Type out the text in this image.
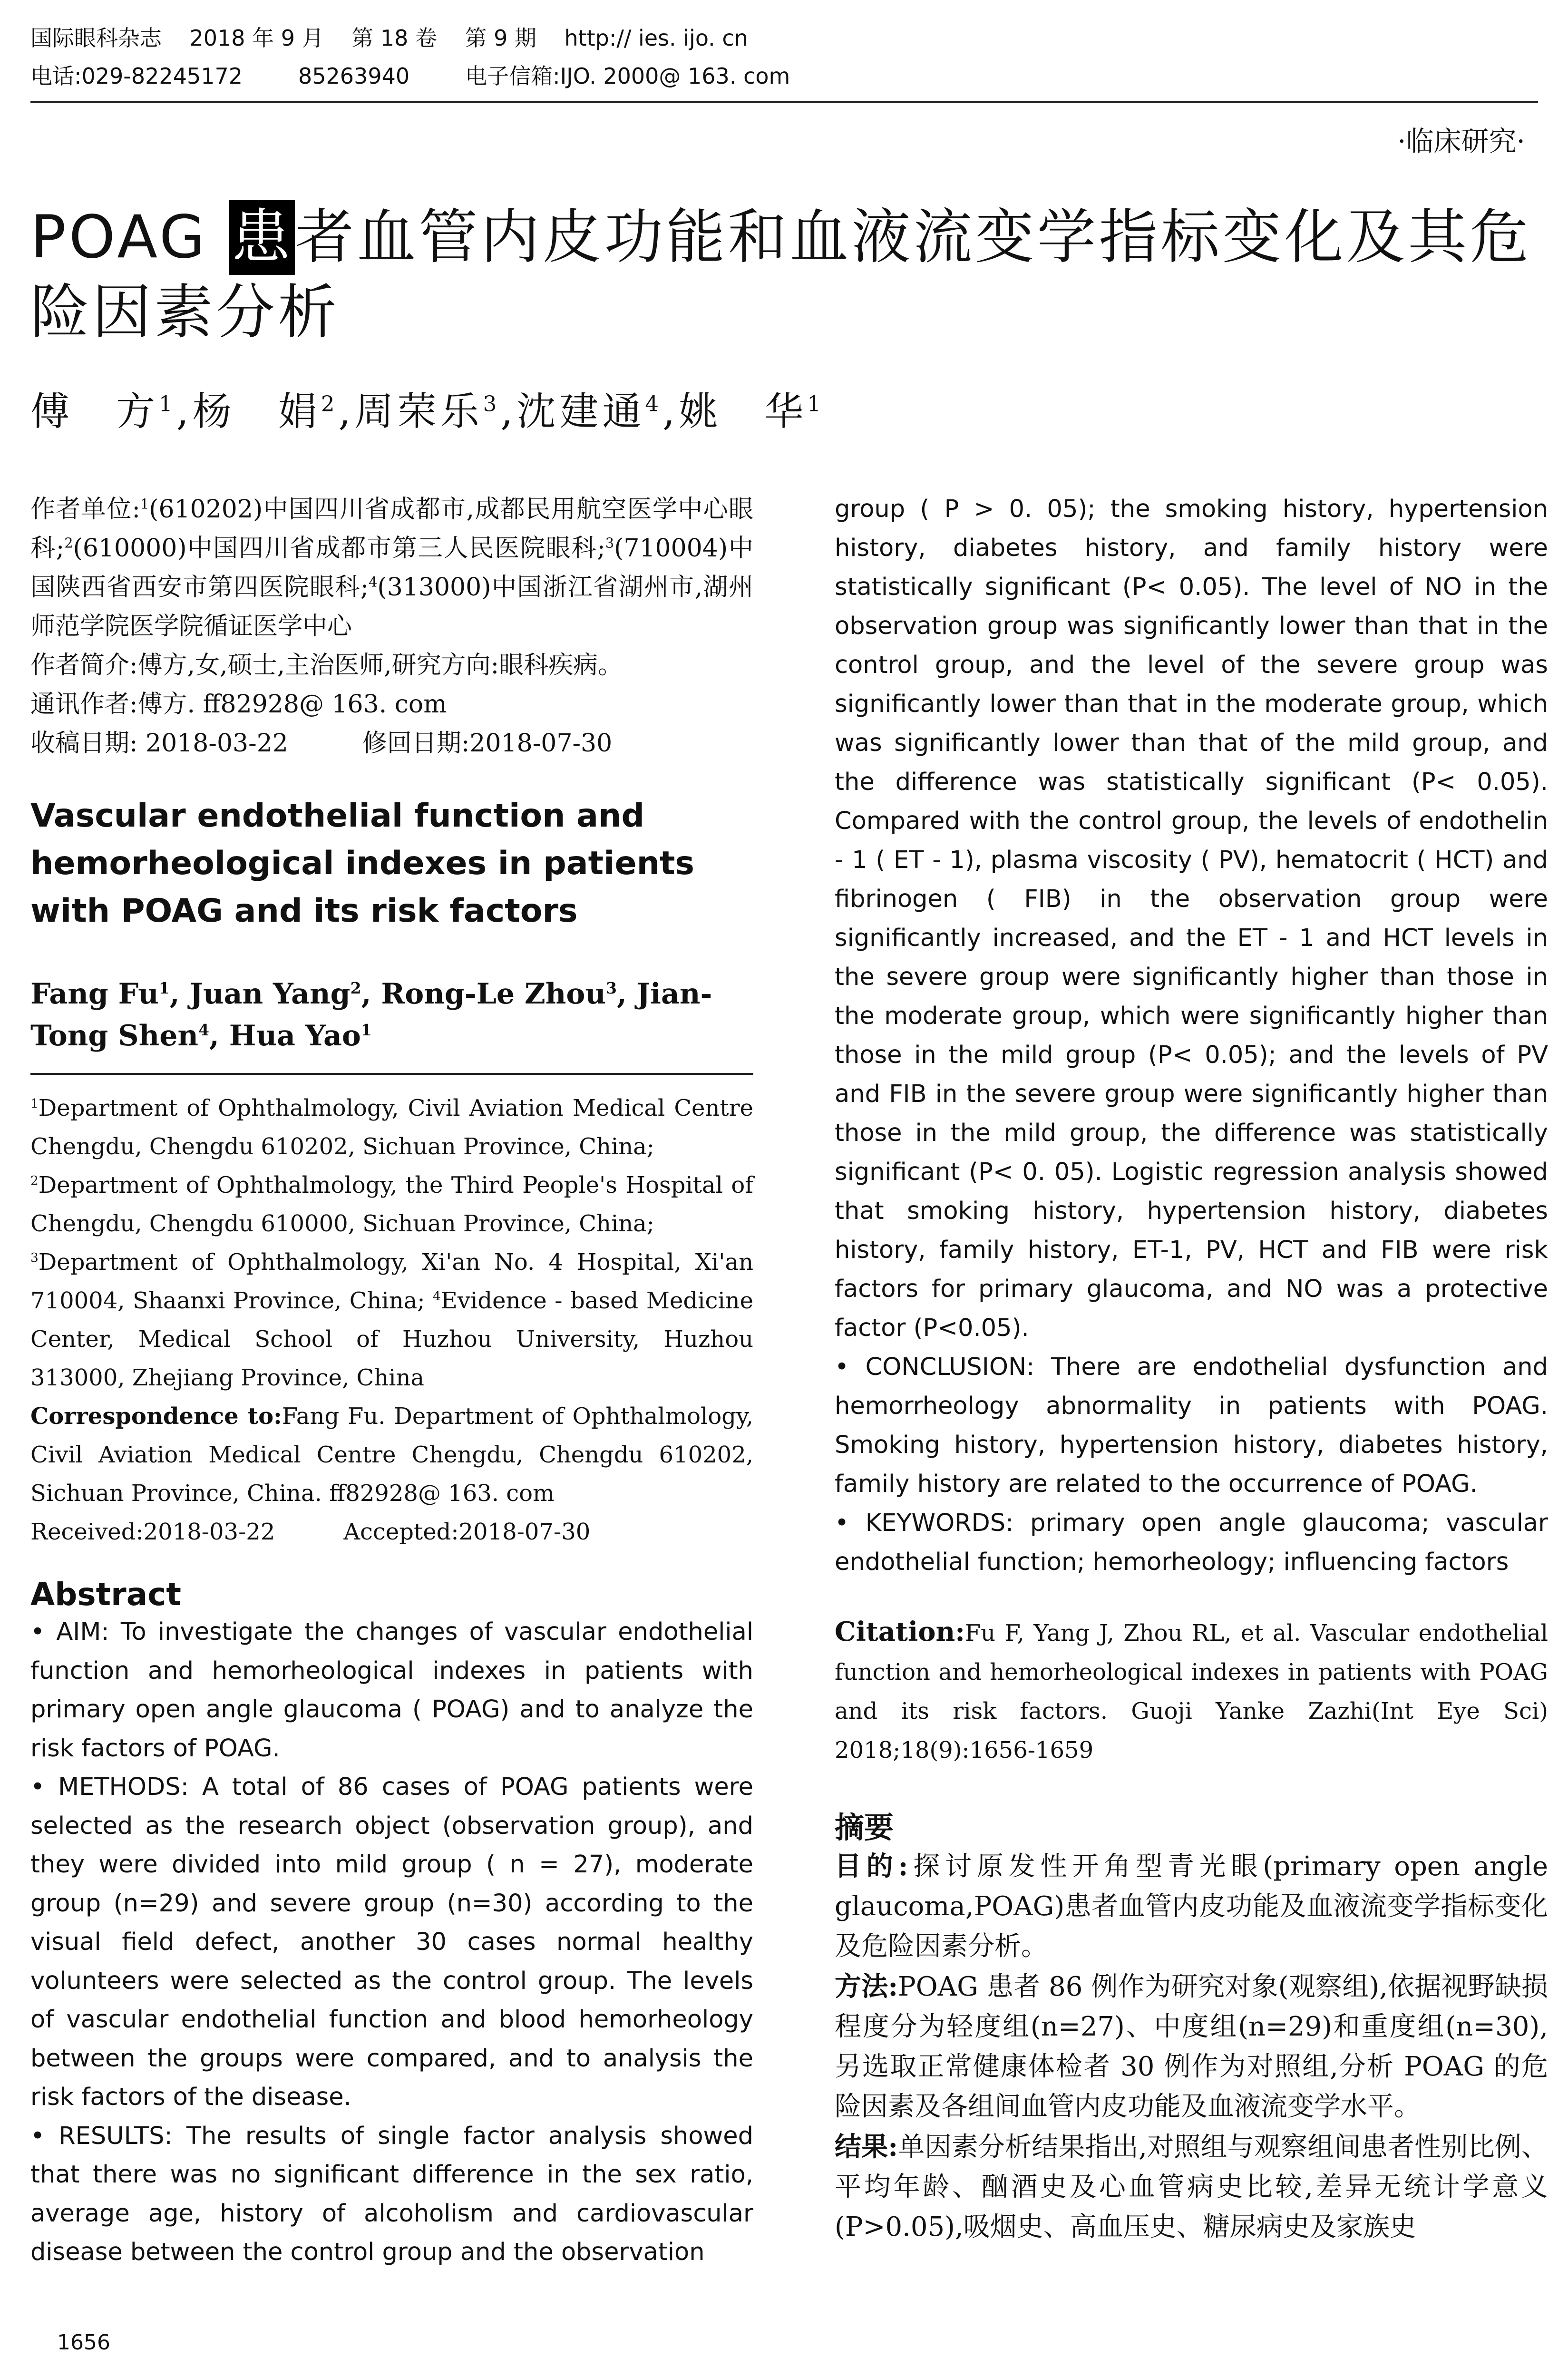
国际眼科杂志    2018 年 9 月    第 18 卷    第 9 期    http:// ies. ijo. cn
电话:029-82245172        85263940        电子信箱:IJO. 2000@ 163. com
·临床研究·
POAG 患者血管内皮功能和血液流变学指标变化及其危险因素分析
傅　方$^1$,杨　娟$^2$,周荣乐$^3$,沈建通$^4$,姚　华$^1$
作者单位:$^1$(610202)中国四川省成都市,成都民用航空医学中心眼科;$^2$(610000)中国四川省成都市第三人民医院眼科;$^3$(710004)中国陕西省西安市第四医院眼科;$^4$(313000)中国浙江省湖州市,湖州师范学院医学院循证医学中心
作者简介:傅方,女,硕士,主治医师,研究方向:眼科疾病。
通讯作者:傅方. ff82928@ 163. com
收稿日期: 2018-03-22　　　修回日期:2018-07-30
Vascular endothelial function and hemorheological indexes in patients with POAG and its risk factors
Fang Fu$^1$, Juan Yang$^2$, Rong-Le Zhou$^3$, Jian-Tong Shen$^4$, Hua Yao$^1$
$^1$Department of Ophthalmology, Civil Aviation Medical Centre Chengdu, Chengdu 610202, Sichuan Province, China;
$^2$Department of Ophthalmology, the Third People's Hospital of Chengdu, Chengdu 610000, Sichuan Province, China;
$^3$Department of Ophthalmology, Xi'an No. 4 Hospital, Xi'an 710004, Shaanxi Province, China; $^4$Evidence - based Medicine Center, Medical School of Huzhou University, Huzhou 313000, Zhejiang Province, China
Correspondence to:Fang Fu. Department of Ophthalmology, Civil Aviation Medical Centre Chengdu, Chengdu 610202, Sichuan Province, China. ff82928@ 163. com
Received:2018-03-22　　　Accepted:2018-07-30
Abstract

• AIM: To investigate the changes of vascular endothelial function and hemorheological indexes in patients with primary open angle glaucoma ( POAG) and to analyze the risk factors of POAG.

• METHODS: A total of 86 cases of POAG patients were selected as the research object (observation group), and they were divided into mild group ( n = 27), moderate group (n=29) and severe group (n=30) according to the visual field defect, another 30 cases normal healthy volunteers were selected as the control group. The levels of vascular endothelial function and blood hemorheology between the groups were compared, and to analysis the risk factors of the disease.

• RESULTS: The results of single factor analysis showed that there was no significant difference in the sex ratio, average age, history of alcoholism and cardiovascular disease between the control group and the observation

group ( P > 0. 05); the smoking history, hypertension history, diabetes history, and family history were statistically significant (P< 0.05). The level of NO in the observation group was significantly lower than that in the control group, and the level of the severe group was significantly lower than that in the moderate group, which was significantly lower than that of the mild group, and the difference was statistically significant (P< 0.05). Compared with the control group, the levels of endothelin - 1 ( ET - 1), plasma viscosity ( PV), hematocrit ( HCT) and fibrinogen ( FIB) in the observation group were significantly increased, and the ET - 1 and HCT levels in the severe group were significantly higher than those in the moderate group, which were significantly higher than those in the mild group (P< 0.05); and the levels of PV and FIB in the severe group were significantly higher than those in the mild group, the difference was statistically significant (P< 0. 05). Logistic regression analysis showed that smoking history, hypertension history, diabetes history, family history, ET-1, PV, HCT and FIB were risk factors for primary glaucoma, and NO was a protective factor (P<0.05).

• CONCLUSION: There are endothelial dysfunction and hemorrheology abnormality in patients with POAG. Smoking history, hypertension history, diabetes history, family history are related to the occurrence of POAG.

• KEYWORDS: primary open angle glaucoma; vascular endothelial function; hemorheology; influencing factors

Citation:Fu F, Yang J, Zhou RL, et al. Vascular endothelial function and hemorheological indexes in patients with POAG and its risk factors. Guoji Yanke Zazhi(Int Eye Sci) 2018;18(9):1656-1659
摘要

目的:探讨原发性开角型青光眼(primary open angle glaucoma,POAG)患者血管内皮功能及血液流变学指标变化及危险因素分析。

方法:POAG 患者 86 例作为研究对象(观察组),依据视野缺损程度分为轻度组(n=27)、中度组(n=29)和重度组(n=30),另选取正常健康体检者 30 例作为对照组,分析 POAG 的危险因素及各组间血管内皮功能及血液流变学水平。

结果:单因素分析结果指出,对照组与观察组间患者性别比例、平均年龄、酗酒史及心血管病史比较,差异无统计学意义(P>0.05),吸烟史、高血压史、糖尿病史及家族史

1656
